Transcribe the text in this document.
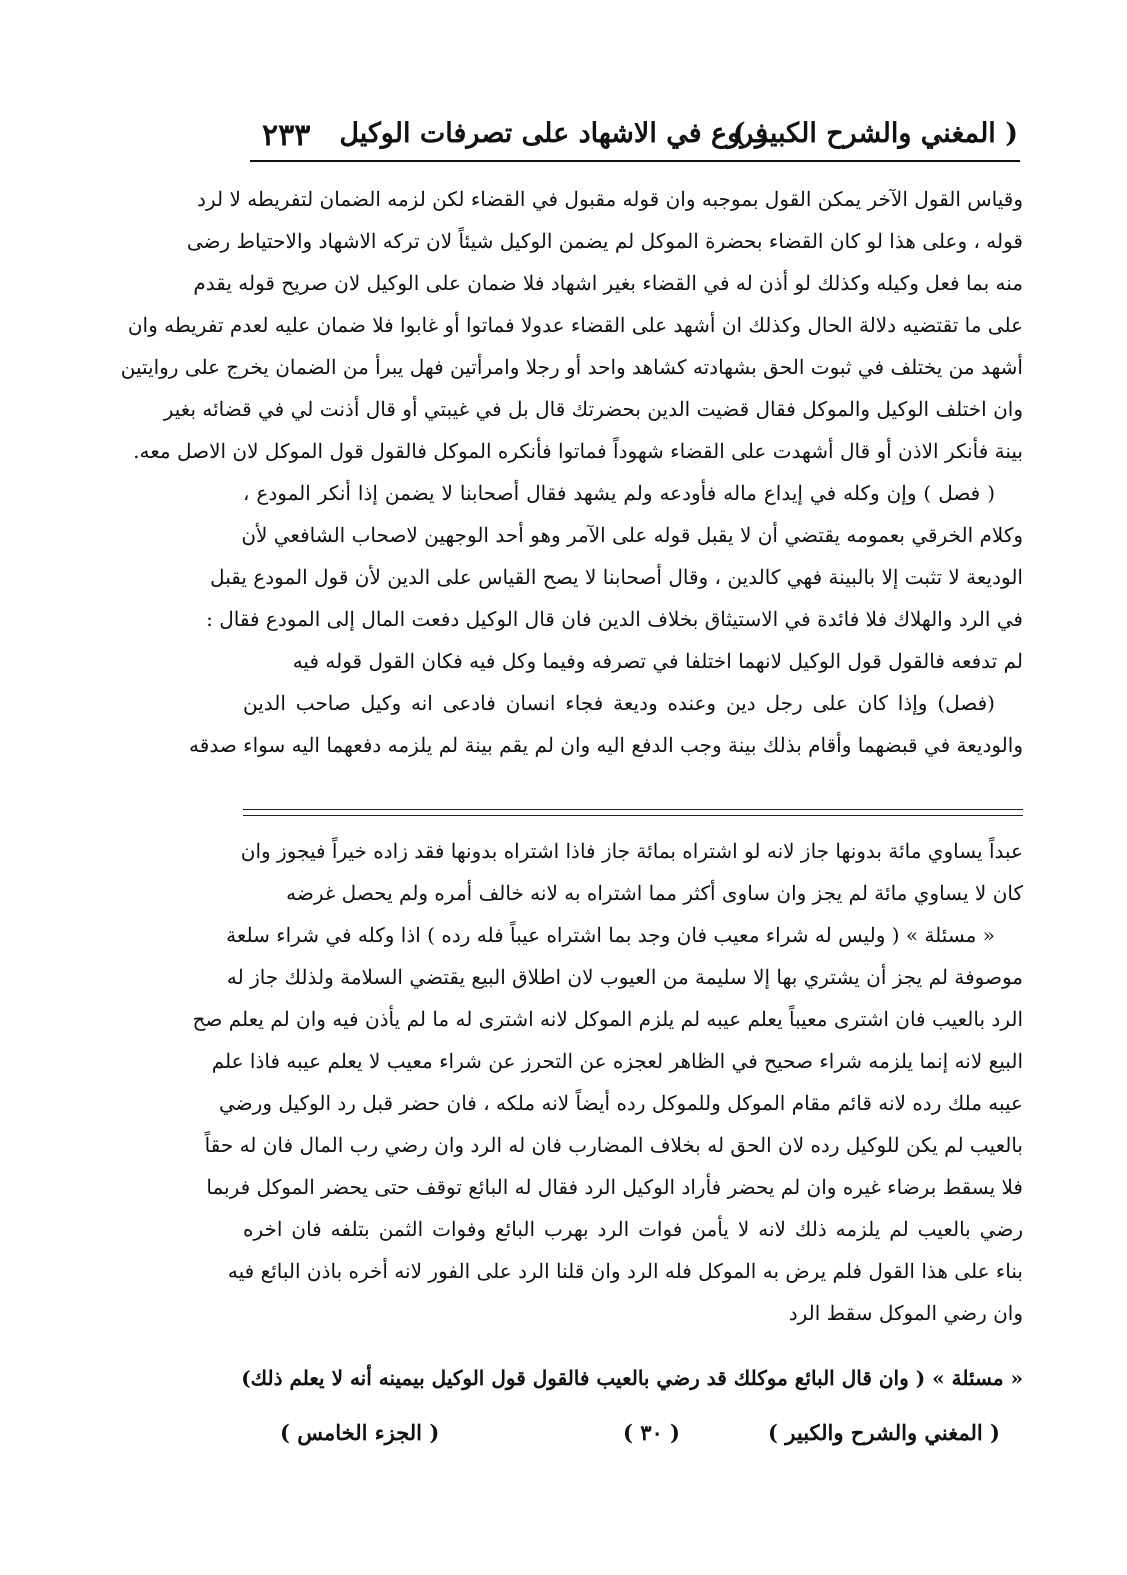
( المغني والشرح الكبير )
فروع في الاشهاد على تصرفات الوكيل
٢٣٣

وقياس القول الآخر يمكن القول بموجبه وان قوله مقبول في القضاء لكن لزمه الضمان لتفريطه لا لرد

قوله ، وعلى هذا لو كان القضاء بحضرة الموكل لم يضمن الوكيل شيئاً لان تركه الاشهاد والاحتياط رضى

منه بما فعل وكيله وكذلك لو أذن له في القضاء بغير اشهاد فلا ضمان على الوكيل لان صريح قوله يقدم

على ما تقتضيه دلالة الحال وكذلك ان أشهد على القضاء عدولا فماتوا أو غابوا فلا ضمان عليه لعدم تفريطه وان

أشهد من يختلف في ثبوت الحق بشهادته كشاهد واحد أو رجلا وامرأتين فهل يبرأ من الضمان يخرج على روايتين

وان اختلف الوكيل والموكل فقال قضيت الدين بحضرتك قال بل في غيبتي أو قال أذنت لي في قضائه بغير

بينة فأنكر الاذن أو قال أشهدت على القضاء شهوداً فماتوا فأنكره الموكل فالقول قول الموكل لان الاصل معه.

( فصل ) وإن وكله في إيداع ماله فأودعه ولم يشهد فقال أصحابنا لا يضمن إذا أنكر المودع ،

وكلام الخرقي بعمومه يقتضي أن لا يقبل قوله على الآمر وهو أحد الوجهين لاصحاب الشافعي لأن

الوديعة لا تثبت إلا بالبينة فهي كالدين ، وقال أصحابنا لا يصح القياس على الدين لأن قول المودع يقبل

في الرد والهلاك فلا فائدة في الاستيثاق بخلاف الدين فان قال الوكيل دفعت المال إلى المودع فقال :

لم تدفعه فالقول قول الوكيل لانهما اختلفا في تصرفه وفيما وكل فيه فكان القول قوله فيه

(فصل) وإذا كان على رجل دين وعنده وديعة فجاء انسان فادعى انه وكيل صاحب الدين

والوديعة في قبضهما وأقام بذلك بينة وجب الدفع اليه وان لم يقم بينة لم يلزمه دفعهما اليه سواء صدقه

عبداً يساوي مائة بدونها جاز لانه لو اشتراه بمائة جاز فاذا اشتراه بدونها فقد زاده خيراً فيجوز وان

كان لا يساوي مائة لم يجز وان ساوى أكثر مما اشتراه به لانه خالف أمره ولم يحصل غرضه

« مسئلة » ( وليس له شراء معيب فان وجد بما اشتراه عيباً فله رده ) اذا وكله في شراء سلعة

موصوفة لم يجز أن يشتري بها إلا سليمة من العيوب لان اطلاق البيع يقتضي السلامة ولذلك جاز له

الرد بالعيب فان اشترى معيباً يعلم عيبه لم يلزم الموكل لانه اشترى له ما لم يأذن فيه وان لم يعلم صح

البيع لانه إنما يلزمه شراء صحيح في الظاهر لعجزه عن التحرز عن شراء معيب لا يعلم عيبه فاذا علم

عيبه ملك رده لانه قائم مقام الموكل وللموكل رده أيضاً لانه ملكه ، فان حضر قبل رد الوكيل ورضي

بالعيب لم يكن للوكيل رده لان الحق له بخلاف المضارب فان له الرد وان رضي رب المال فان له حقاً

فلا يسقط برضاء غيره وان لم يحضر فأراد الوكيل الرد فقال له البائع توقف حتى يحضر الموكل فربما

رضي بالعيب لم يلزمه ذلك لانه لا يأمن فوات الرد بهرب البائع وفوات الثمن بتلفه فان اخره

بناء على هذا القول فلم يرض به الموكل فله الرد وان قلنا الرد على الفور لانه أخره باذن البائع فيه

وان رضي الموكل سقط الرد

« مسئلة » ( وان قال البائع موكلك قد رضي بالعيب فالقول قول الوكيل بيمينه أنه لا يعلم ذلك)
( المغني والشرح والكبير )
( ٣٠ )
( الجزء الخامس )
